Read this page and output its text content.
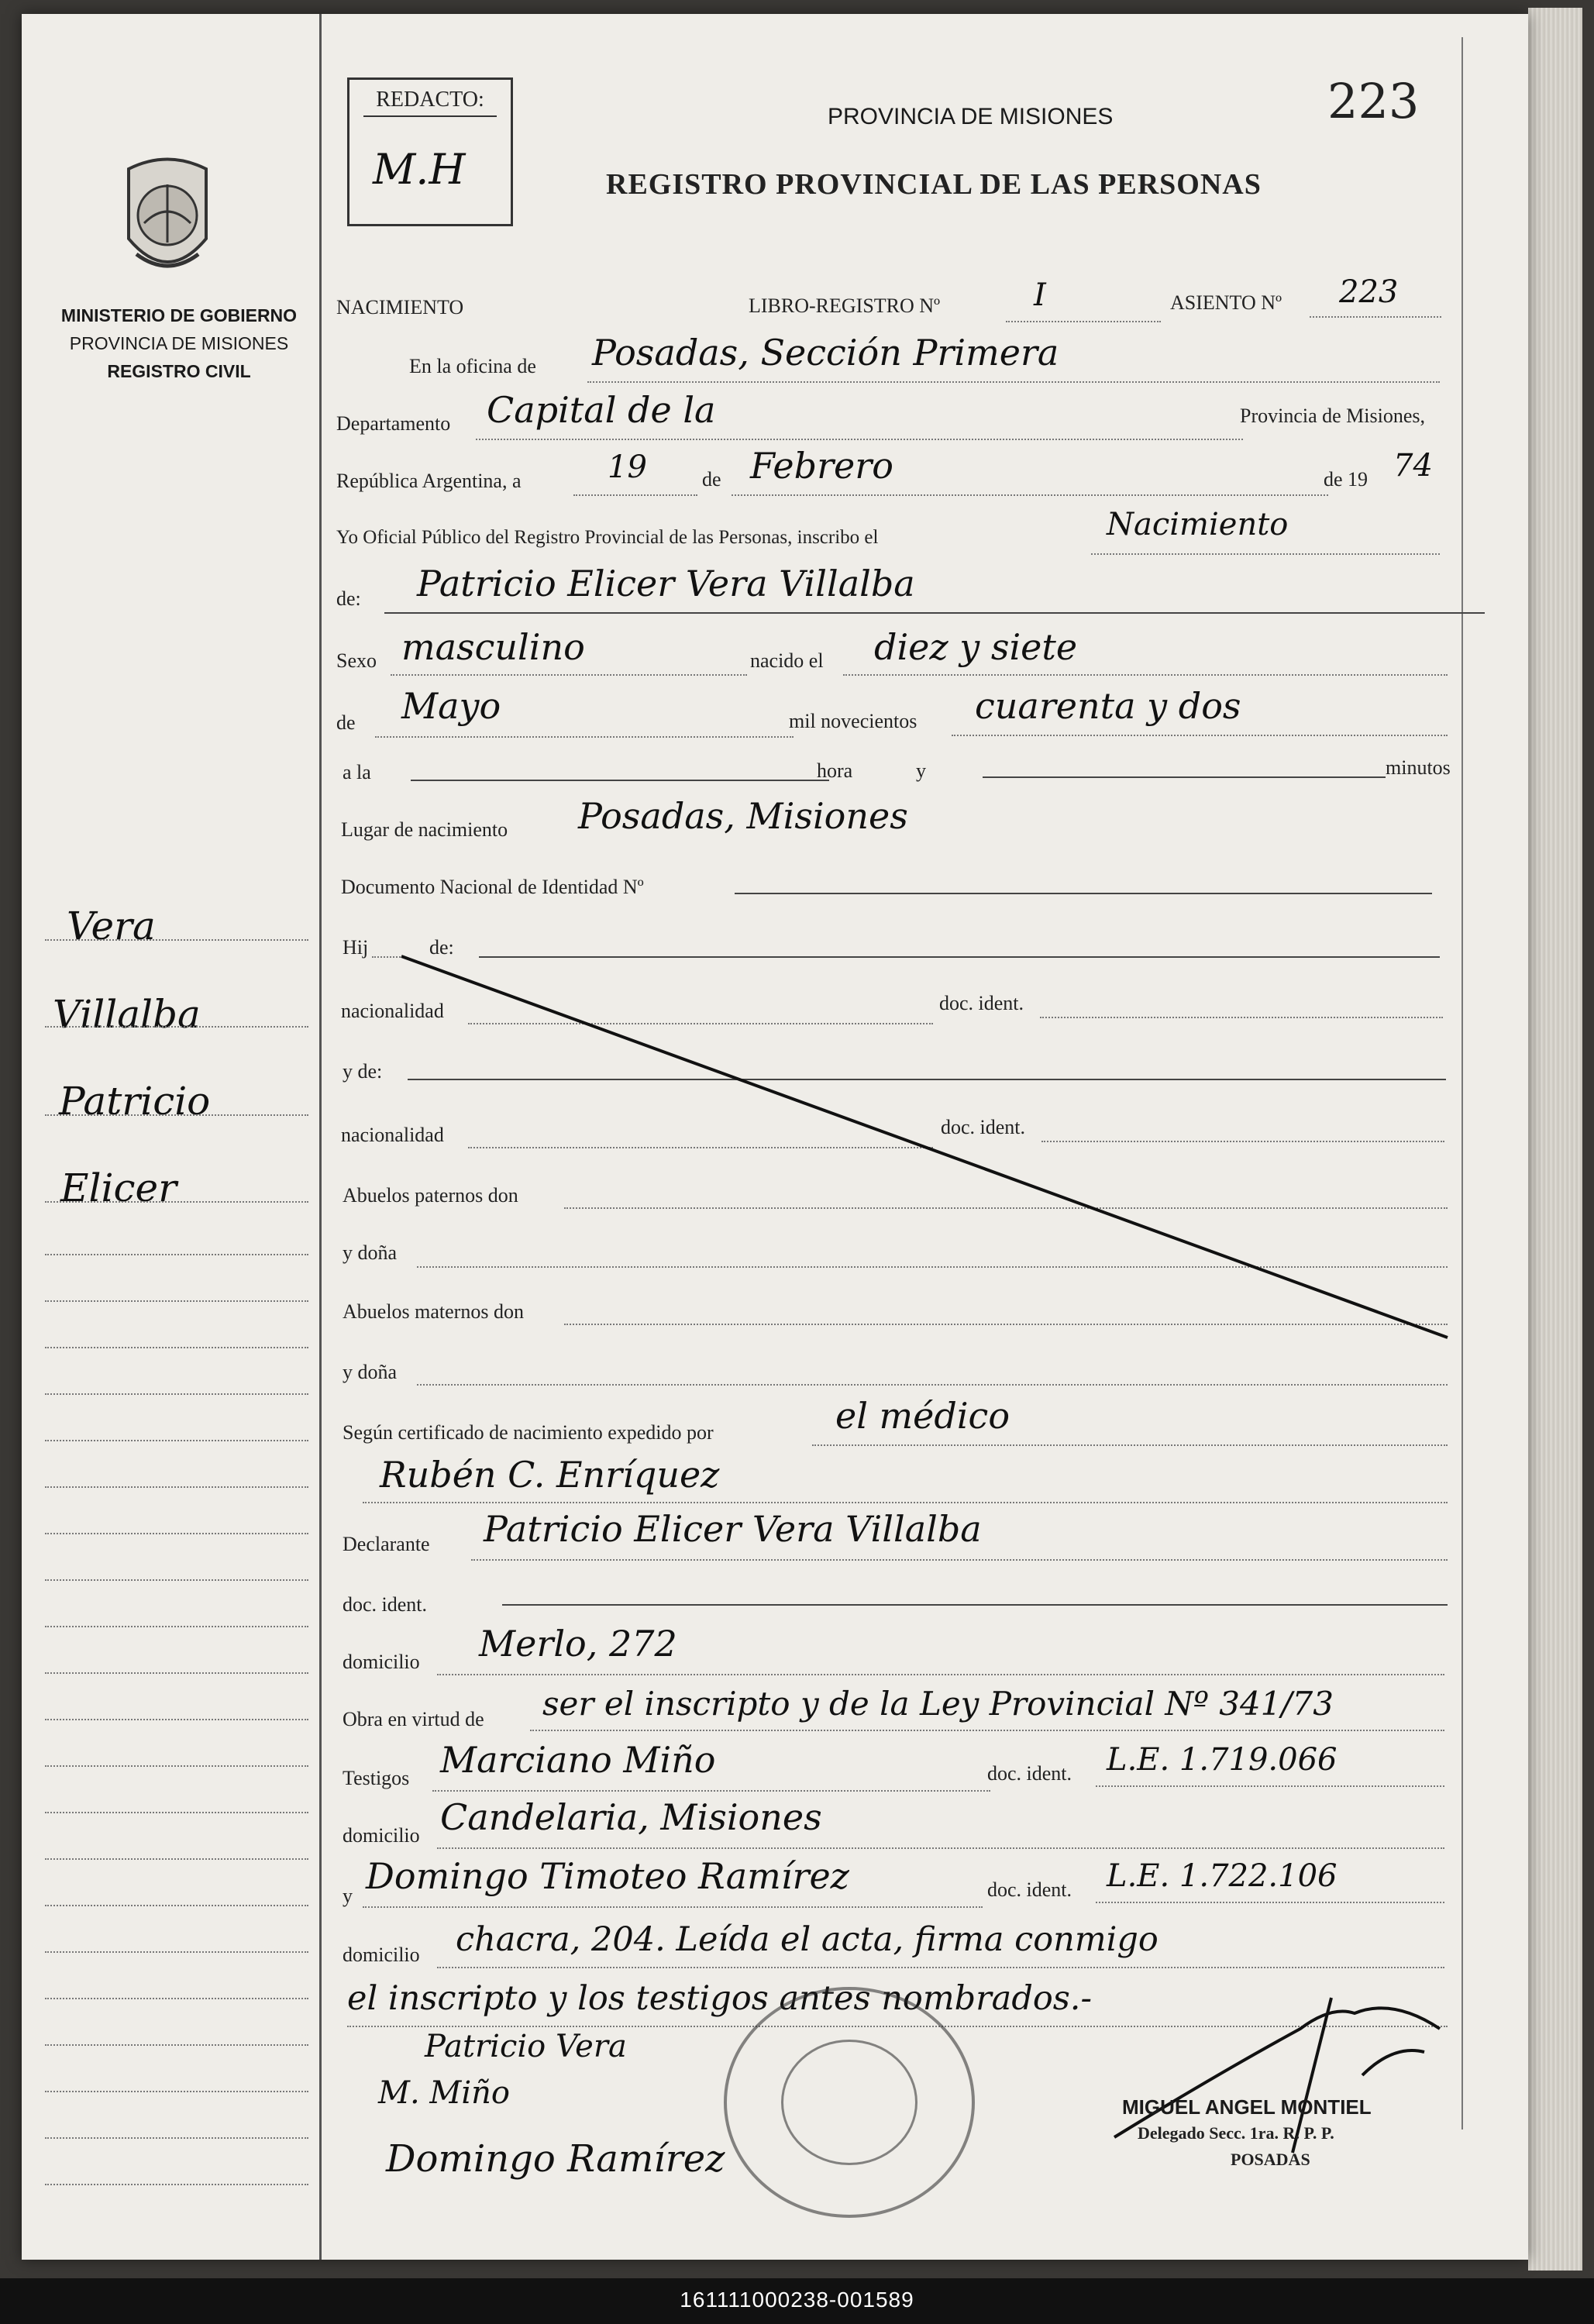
MINISTERIO DE GOBIERNO
PROVINCIA DE MISIONES
REGISTRO CIVIL
REDACTO:
M.H
PROVINCIA DE MISIONES
REGISTRO PROVINCIAL DE LAS PERSONAS
223
NACIMIENTO	LIBRO-REGISTRO Nº	I	ASIENTO Nº 223
En la oficina de Posadas, Sección Primera
Departamento Capital de la	Provincia de Misiones,
República Argentina, a	19	de Febrero	de 19 74
Yo Oficial Público del Registro Provincial de las Personas, inscribo el	Nacimiento
de: Patricio Elicer Vera Villalba
Sexo masculino	nacido el diez y siete
de Mayo	mil novecientos cuarenta y dos
a la	hora	y	minutos
Lugar de nacimiento Posadas, Misiones
Documento Nacional de Identidad Nº
Hij	de:
nacionalidad	doc. ident.
y de:
nacionalidad	doc. ident.
Abuelos paternos don
y doña
Abuelos maternos don
y doña
Según certificado de nacimiento expedido por	el médico
Rubén C. Enríquez
Declarante Patricio Elicer Vera Villalba
doc. ident.
domicilio Merlo, 272
Obra en virtud de ser el inscripto y de la Ley Provincial Nº 341/73
Testigos Marciano Miño	doc. ident. L.E. 1.719.066
domicilio Candelaria, Misiones
y Domingo Timoteo Ramírez	doc. ident. L.E. 1.722.106
domicilio chacra, 204. Leída el acta, firma conmigo
el inscripto y los testigos antes nombrados.-
Vera
Villalba
Patricio
Elicer
Patricio Vera
M. Miño
Domingo Ramírez
MIGUEL ANGEL MONTIEL
Delegado Secc. 1ra. R. P. P.
POSADAS
161111000238-001589
